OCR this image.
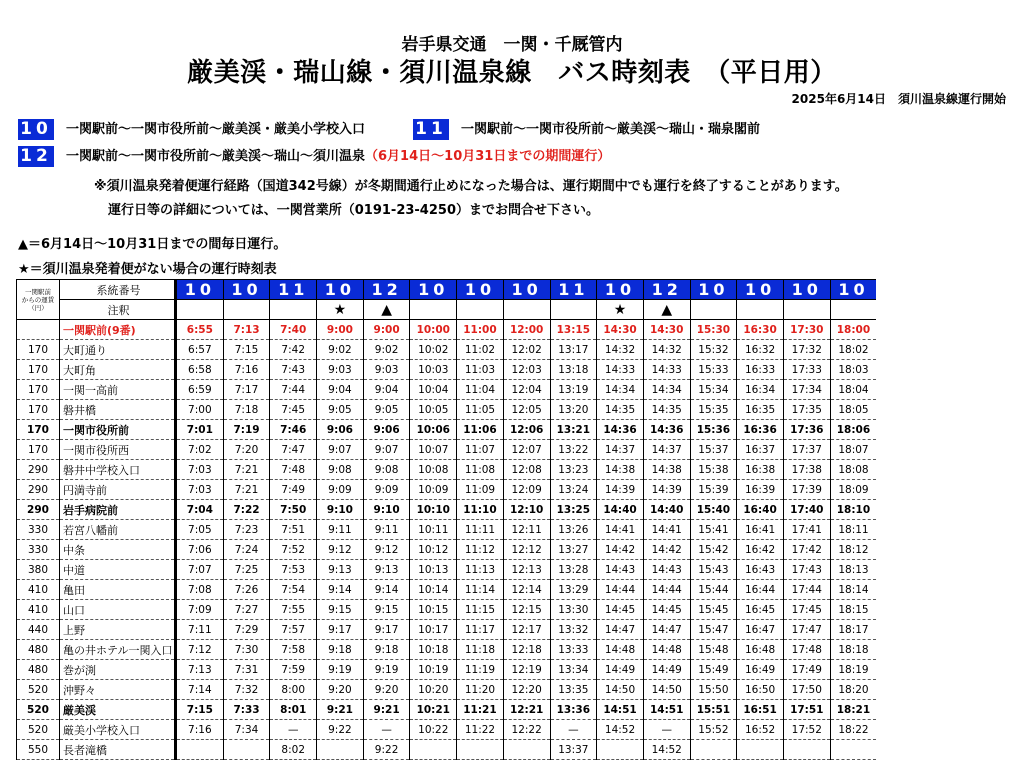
岩手県交通　一関・千厩管内
厳美渓・瑞山線・須川温泉線　バス時刻表　（平日用）
2025年6月14日　須川温泉線運行開始
10 一関駅前～一関市役所前～厳美渓・厳美小学校入口	11 一関駅前～一関市役所前～厳美渓～瑞山・瑞泉閣前
12 一関駅前～一関市役所前～厳美渓～瑞山～須川温泉（6月14日～10月31日までの期間運行）
※須川温泉発着便運行経路（国道342号線）が冬期間通行止めになった場合は、運行期間中でも運行を終了することがあります。
運行日等の詳細については、一関営業所（0191-23-4250）までお問合せ下さい。
▲＝6月14日～10月31日までの間毎日運行。
★＝須川温泉発着便がない場合の運行時刻表
一関駅前
からの運賃
（円）	系統番号	10	10	11	10	12	10	10	10	11	10	12	10	10	10	10
	注釈				★	▲					★	▲				
	一関駅前(9番)	6:55	7:13	7:40	9:00	9:00	10:00	11:00	12:00	13:15	14:30	14:30	15:30	16:30	17:30	18:00
170	大町通り	6:57	7:15	7:42	9:02	9:02	10:02	11:02	12:02	13:17	14:32	14:32	15:32	16:32	17:32	18:02
170	大町角	6:58	7:16	7:43	9:03	9:03	10:03	11:03	12:03	13:18	14:33	14:33	15:33	16:33	17:33	18:03
170	一関一高前	6:59	7:17	7:44	9:04	9:04	10:04	11:04	12:04	13:19	14:34	14:34	15:34	16:34	17:34	18:04
170	磐井橋	7:00	7:18	7:45	9:05	9:05	10:05	11:05	12:05	13:20	14:35	14:35	15:35	16:35	17:35	18:05
170	一関市役所前	7:01	7:19	7:46	9:06	9:06	10:06	11:06	12:06	13:21	14:36	14:36	15:36	16:36	17:36	18:06
170	一関市役所西	7:02	7:20	7:47	9:07	9:07	10:07	11:07	12:07	13:22	14:37	14:37	15:37	16:37	17:37	18:07
290	磐井中学校入口	7:03	7:21	7:48	9:08	9:08	10:08	11:08	12:08	13:23	14:38	14:38	15:38	16:38	17:38	18:08
290	円満寺前	7:03	7:21	7:49	9:09	9:09	10:09	11:09	12:09	13:24	14:39	14:39	15:39	16:39	17:39	18:09
290	岩手病院前	7:04	7:22	7:50	9:10	9:10	10:10	11:10	12:10	13:25	14:40	14:40	15:40	16:40	17:40	18:10
330	若宮八幡前	7:05	7:23	7:51	9:11	9:11	10:11	11:11	12:11	13:26	14:41	14:41	15:41	16:41	17:41	18:11
330	中条	7:06	7:24	7:52	9:12	9:12	10:12	11:12	12:12	13:27	14:42	14:42	15:42	16:42	17:42	18:12
380	中道	7:07	7:25	7:53	9:13	9:13	10:13	11:13	12:13	13:28	14:43	14:43	15:43	16:43	17:43	18:13
410	亀田	7:08	7:26	7:54	9:14	9:14	10:14	11:14	12:14	13:29	14:44	14:44	15:44	16:44	17:44	18:14
410	山口	7:09	7:27	7:55	9:15	9:15	10:15	11:15	12:15	13:30	14:45	14:45	15:45	16:45	17:45	18:15
440	上野	7:11	7:29	7:57	9:17	9:17	10:17	11:17	12:17	13:32	14:47	14:47	15:47	16:47	17:47	18:17
480	亀の井ホテル一関入口	7:12	7:30	7:58	9:18	9:18	10:18	11:18	12:18	13:33	14:48	14:48	15:48	16:48	17:48	18:18
480	巻が渕	7:13	7:31	7:59	9:19	9:19	10:19	11:19	12:19	13:34	14:49	14:49	15:49	16:49	17:49	18:19
520	沖野々	7:14	7:32	8:00	9:20	9:20	10:20	11:20	12:20	13:35	14:50	14:50	15:50	16:50	17:50	18:20
520	厳美渓	7:15	7:33	8:01	9:21	9:21	10:21	11:21	12:21	13:36	14:51	14:51	15:51	16:51	17:51	18:21
520	厳美小学校入口	7:16	7:34	—	9:22	—	10:22	11:22	12:22	—	14:52	—	15:52	16:52	17:52	18:22
550	長者滝橋			8:02		9:22				13:37		14:52				
